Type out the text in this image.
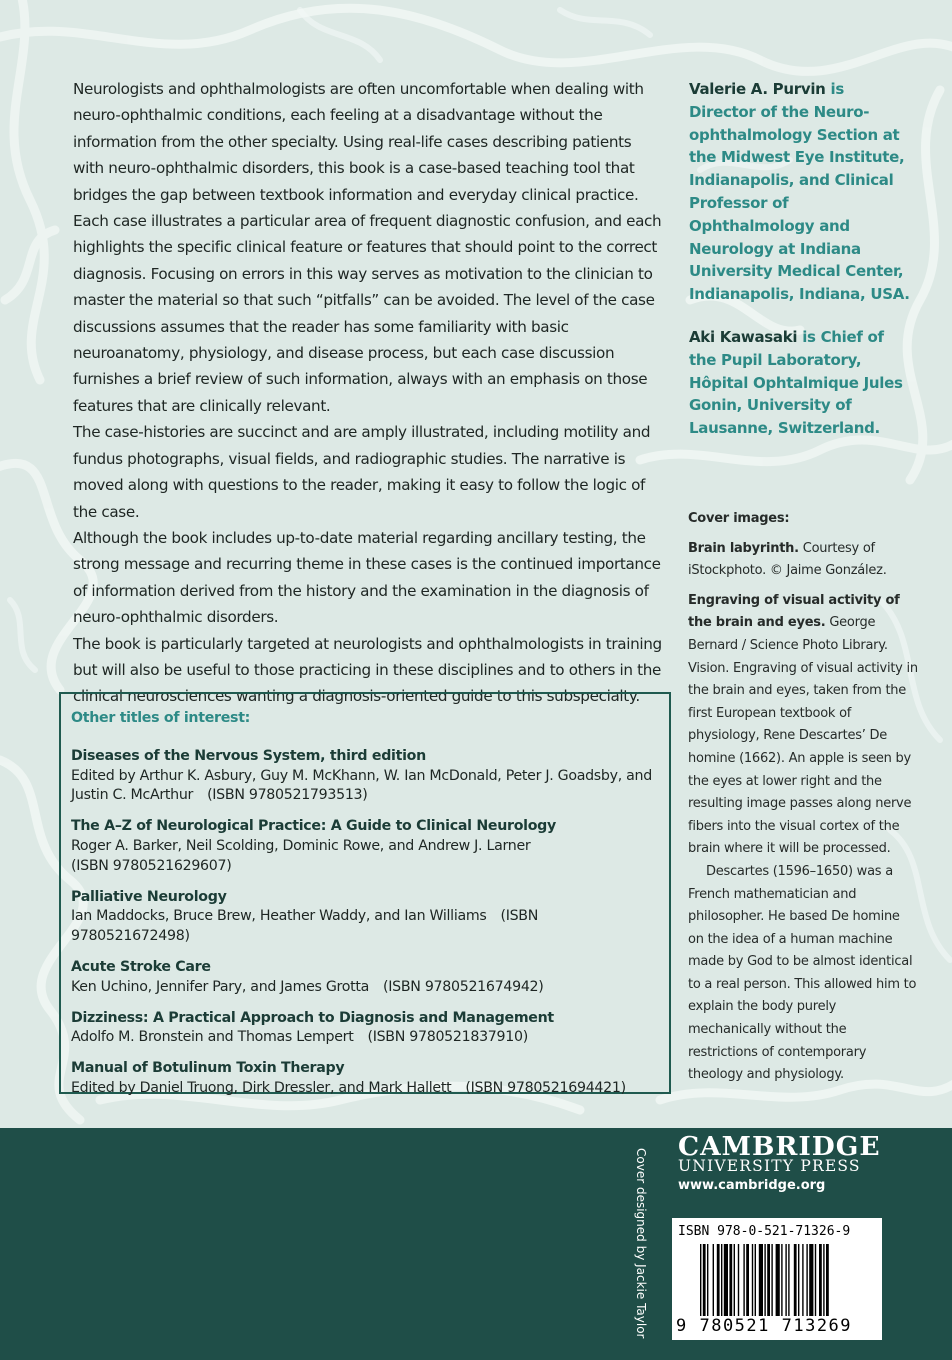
Neurologists and ophthalmologists are often uncomfortable when dealing with neuro-ophthalmic conditions, each feeling at a disadvantage without the information from the other specialty. Using real-life cases describing patients with neuro-ophthalmic disorders, this book is a case-based teaching tool that bridges the gap between textbook information and everyday clinical practice.

Each case illustrates a particular area of frequent diagnostic confusion, and each highlights the specific clinical feature or features that should point to the correct diagnosis. Focusing on errors in this way serves as motivation to the clinician to master the material so that such “pitfalls” can be avoided. The level of the case discussions assumes that the reader has some familiarity with basic neuroanatomy, physiology, and disease process, but each case discussion furnishes a brief review of such information, always with an emphasis on those features that are clinically relevant.

The case-histories are succinct and are amply illustrated, including motility and fundus photographs, visual fields, and radiographic studies. The narrative is moved along with questions to the reader, making it easy to follow the logic of the case.

Although the book includes up-to-date material regarding ancillary testing, the strong message and recurring theme in these cases is the continued importance of information derived from the history and the examination in the diagnosis of neuro-ophthalmic disorders.

The book is particularly targeted at neurologists and ophthalmologists in training but will also be useful to those practicing in these disciplines and to others in the clinical neurosciences wanting a diagnosis-oriented guide to this subspecialty.

Valerie A. Purvin is Director of the Neuro-ophthalmology Section at the Midwest Eye Institute, Indianapolis, and Clinical Professor of Ophthalmology and Neurology at Indiana University Medical Center, Indianapolis, Indiana, USA.

Aki Kawasaki is Chief of the Pupil Laboratory, Hôpital Ophtalmique Jules Gonin, University of Lausanne, Switzerland.

Cover images:

Brain labyrinth. Courtesy of iStockphoto. © Jaime González.

Engraving of visual activity of the brain and eyes. George Bernard / Science Photo Library. Vision. Engraving of visual activity in the brain and eyes, taken from the first European textbook of physiology, Rene Descartes’ De homine (1662). An apple is seen by the eyes at lower right and the resulting image passes along nerve fibers into the visual cortex of the brain where it will be processed.
Descartes (1596–1650) was a French mathematician and philosopher. He based De homine on the idea of a human machine made by God to be almost identical to a real person. This allowed him to explain the body purely mechanically without the restrictions of contemporary theology and physiology.

Other titles of interest:
Diseases of the Nervous System, third edition
Edited by Arthur K. Asbury, Guy M. McKhann, W. Ian McDonald, Peter J. Goadsby, and Justin C. McArthur (ISBN 9780521793513)
The A–Z of Neurological Practice: A Guide to Clinical Neurology
Roger A. Barker, Neil Scolding, Dominic Rowe, and Andrew J. Larner
(ISBN 9780521629607)
Palliative Neurology
Ian Maddocks, Bruce Brew, Heather Waddy, and Ian Williams (ISBN 9780521672498)
Acute Stroke Care
Ken Uchino, Jennifer Pary, and James Grotta (ISBN 9780521674942)
Dizziness: A Practical Approach to Diagnosis and Management
Adolfo M. Bronstein and Thomas Lempert (ISBN 9780521837910)
Manual of Botulinum Toxin Therapy
Edited by Daniel Truong, Dirk Dressler, and Mark Hallett (ISBN 9780521694421)
Cover designed by Jackie Taylor
CAMBRIDGE
UNIVERSITY PRESS
www.cambridge.org
ISBN 978-0-521-71326-9
9 780521 713269
